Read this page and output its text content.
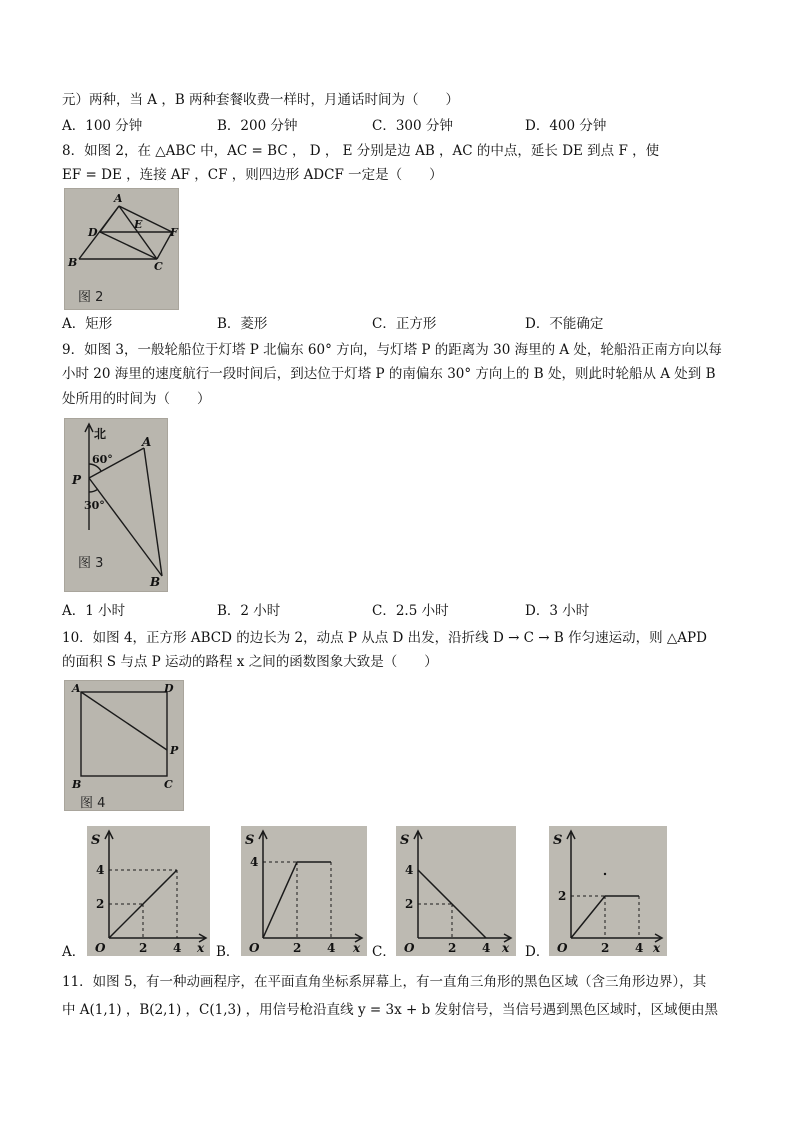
元）两种，当 A ，B 两种套餐收费一样时，月通话时间为（　　）
A．100 分钟	B．200 分钟	C．300 分钟	D．400 分钟
8．如图 2，在 △ABC 中，AC = BC ， D ， E 分别是边 AB ，AC 的中点，延长 DE 到点 F ，使
EF = DE ，连接 AF ，CF ，则四边形 ADCF 一定是（　　）
A
D
E
F
B	C
图 2
A．矩形	B．菱形	C．正方形	D．不能确定
9．如图 3，一般轮船位于灯塔 P 北偏东 60° 方向，与灯塔 P 的距离为 30 海里的 A 处，轮船沿正南方向以每
小时 20 海里的速度航行一段时间后，到达位于灯塔 P 的南偏东 30° 方向上的 B 处，则此时轮船从 A 处到 B
处所用的时间为（　　）
北
60°
P
30°
A
B
图 3
A．1 小时	B．2 小时	C．2.5 小时	D．3 小时
10．如图 4，正方形 ABCD 的边长为 2，动点 P 从点 D 出发，沿折线 D → C → B 作匀速运动，则 △APD
的面积 S 与点 P 运动的路程 x 之间的函数图象大致是（　　）
A	D
P
B	C
图 4
A．
S
4
2
O	2 4 x B．
S
4
O	2 4 x C．
S
4
2
O	2 4 x D．
S
2
O	2 4 x
11．如图 5，有一种动画程序，在平面直角坐标系屏幕上，有一直角三角形的黑色区域（含三角形边界），其
中 A(1,1) ，B(2,1) ，C(1,3) ，用信号枪沿直线 y = 3x + b 发射信号，当信号遇到黑色区域时，区域便由黑
